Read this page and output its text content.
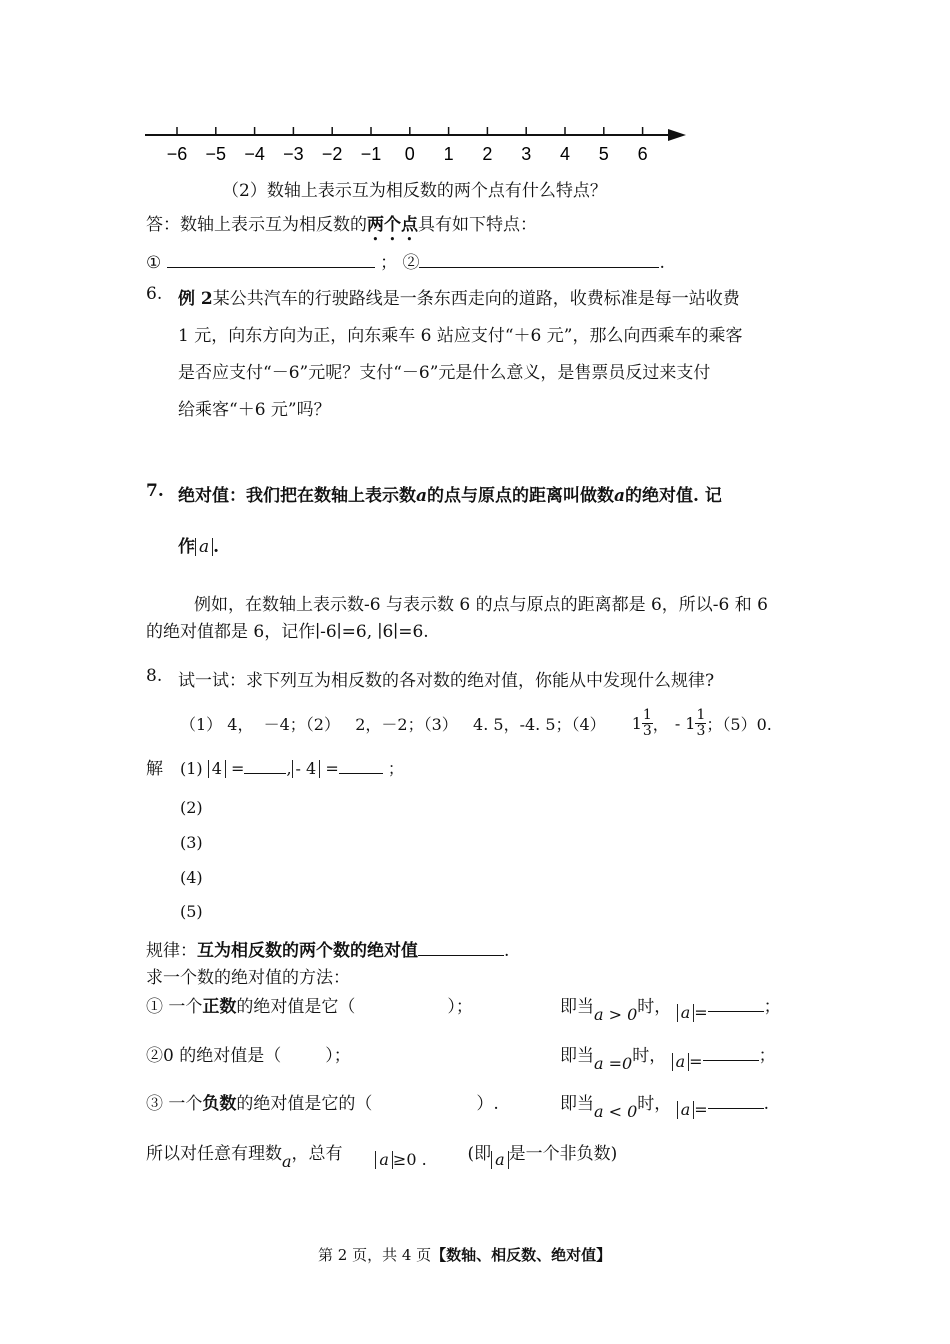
−6 −5 −4 −3 −2 −1 0 1 2 3 4 5 6
（2）数轴上表示互为相反数的两个点有什么特点？
答：数轴上表示互为相反数的两个点具有如下特点：
①	； ②	.
6. 例 2某公共汽车的行驶路线是一条东西走向的道路，收费标准是每一站收费
1 元，向东方向为正，向东乘车 6 站应支付“＋6 元”，那么向西乘车的乘客
是否应支付“－6”元呢？支付“－6”元是什么意义，是售票员反过来支付
给乘客“＋6 元”吗？
7. 绝对值：我们把在数轴上表示数a的点与原点的距离叫做数a的绝对值. 记
作 a .
例如，在数轴上表示数-6 与表示数 6 的点与原点的距离都是 6，所以-6 和 6
的绝对值都是 6，记作∣-6∣=6, ∣6∣=6.
8. 试一试：求下列互为相反数的各对数的绝对值，你能从中发现什么规律?
（1） 4，  －4；（2）   2，－2；（3）   4. 5，-4. 5；（4） $1 \frac{1}{3}$ ， - $1 \frac{1}{3}$ ；（5）0.
解 (1) 4 =	, - 4 =	；
(2)
(3)
(4)
(5)
规律：互为相反数的两个数的绝对值	.
求一个数的绝对值的方法：
① 一个正数的绝对值是它（	）；	即当a > 0时， a =	；
②0 的绝对值是（	）；	即当a =0时， a =	；
③ 一个负数的绝对值是它的（	）.	即当a < 0时， a =	.
所以对任意有理数a，总有 a ≥0 . (即 a 是一个非负数)
第 2 页，共 4 页【数轴、相反数、绝对值】
